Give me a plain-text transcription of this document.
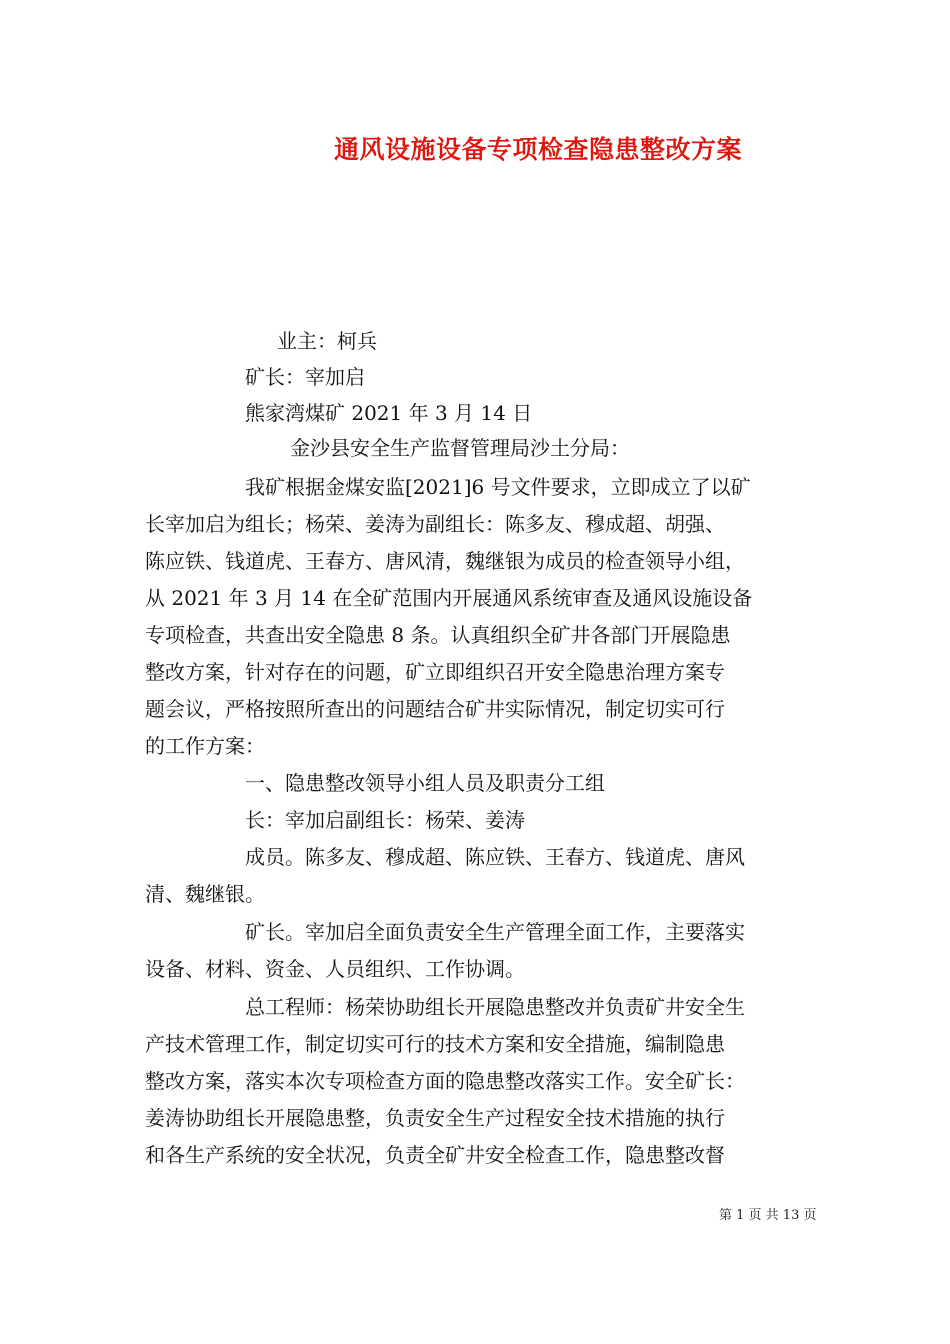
通风设施设备专项检查隐患整改方案
业主：柯兵
矿长：宰加启
熊家湾煤矿 2021 年 3 月 14 日
金沙县安全生产监督管理局沙土分局：
我矿根据金煤安监[2021]6 号文件要求，立即成立了以矿
长宰加启为组长；杨荣、姜涛为副组长：陈多友、穆成超、胡强、
陈应铁、钱道虎、王春方、唐风清，魏继银为成员的检查领导小组，
从 2021 年 3 月 14 在全矿范围内开展通风系统审查及通风设施设备
专项检查，共查出安全隐患 8 条。认真组织全矿井各部门开展隐患
整改方案，针对存在的问题，矿立即组织召开安全隐患治理方案专
题会议，严格按照所查出的问题结合矿井实际情况，制定切实可行
的工作方案：
一、隐患整改领导小组人员及职责分工组
长：宰加启副组长：杨荣、姜涛
成员。陈多友、穆成超、陈应铁、王春方、钱道虎、唐风
清、魏继银。
矿长。宰加启全面负责安全生产管理全面工作，主要落实
设备、材料、资金、人员组织、工作协调。
总工程师：杨荣协助组长开展隐患整改并负责矿井安全生
产技术管理工作，制定切实可行的技术方案和安全措施，编制隐患
整改方案，落实本次专项检查方面的隐患整改落实工作。安全矿长：
姜涛协助组长开展隐患整，负责安全生产过程安全技术措施的执行
和各生产系统的安全状况，负责全矿井安全检查工作，隐患整改督
第 1 页 共 13 页
